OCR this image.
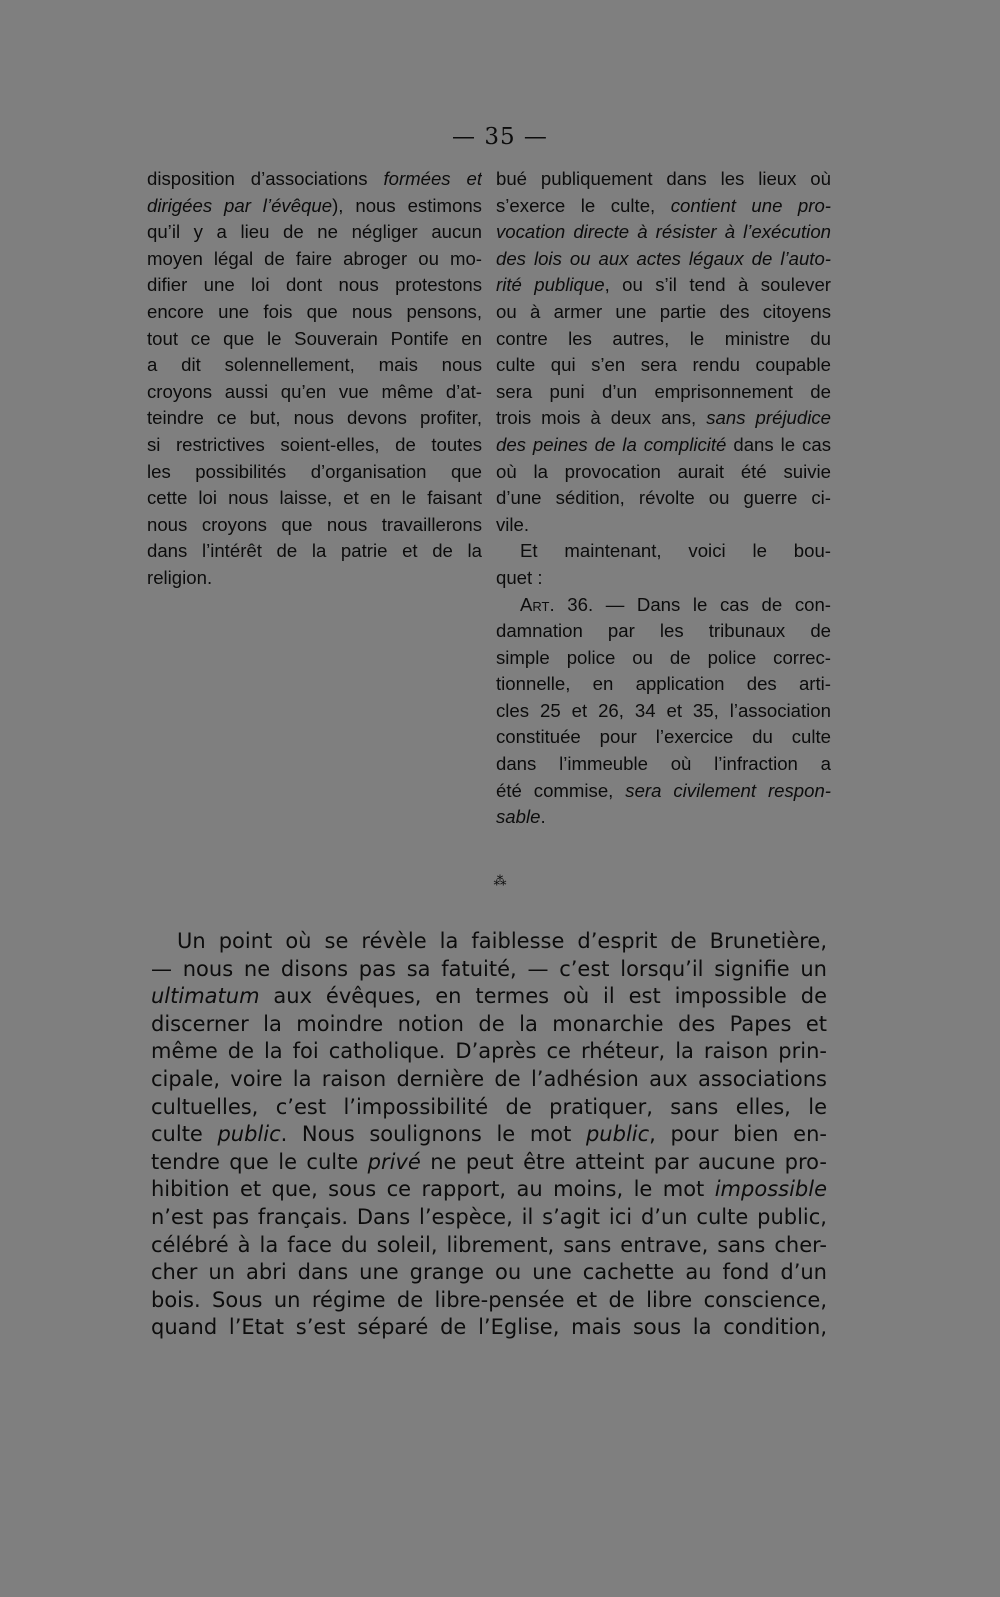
— 35 —
disposition d’associations formées et
dirigées par l’évêque), nous estimons
qu’il y a lieu de ne négliger aucun
moyen légal de faire abroger ou mo-
difier une loi dont nous protestons
encore une fois que nous pensons,
tout ce que le Souverain Pontife en
a dit solennellement, mais nous
croyons aussi qu’en vue même d’at-
teindre ce but, nous devons profiter,
si restrictives soient-elles, de toutes
les possibilités d’organisation que
cette loi nous laisse, et en le faisant
nous croyons que nous travaillerons
dans l’intérêt de la patrie et de la
religion.
bué publiquement dans les lieux où
s’exerce le culte, contient une pro-
vocation directe à résister à l’exécution
des lois ou aux actes légaux de l’auto-
rité publique, ou s’il tend à soulever
ou à armer une partie des citoyens
contre les autres, le ministre du
culte qui s’en sera rendu coupable
sera puni d’un emprisonnement de
trois mois à deux ans, sans préjudice
des peines de la complicité dans le cas
où la provocation aurait été suivie
d’une sédition, révolte ou guerre ci-
vile.
Et maintenant, voici le bou-
quet :
Art. 36. — Dans le cas de con-
damnation par les tribunaux de
simple police ou de police correc-
tionnelle, en application des arti-
cles 25 et 26, 34 et 35, l’association
constituée pour l’exercice du culte
dans l’immeuble où l’infraction a
été commise, sera civilement respon-
sable.
⁂
Un point où se révèle la faiblesse d’esprit de Brunetière,
— nous ne disons pas sa fatuité, — c’est lorsqu’il signifie un
ultimatum aux évêques, en termes où il est impossible de
discerner la moindre notion de la monarchie des Papes et
même de la foi catholique. D’après ce rhéteur, la raison prin-
cipale, voire la raison dernière de l’adhésion aux associations
cultuelles, c’est l’impossibilité de pratiquer, sans elles, le
culte public. Nous soulignons le mot public, pour bien en-
tendre que le culte privé ne peut être atteint par aucune pro-
hibition et que, sous ce rapport, au moins, le mot impossible
n’est pas français. Dans l’espèce, il s’agit ici d’un culte public,
célébré à la face du soleil, librement, sans entrave, sans cher-
cher un abri dans une grange ou une cachette au fond d’un
bois. Sous un régime de libre-pensée et de libre conscience,
quand l’Etat s’est séparé de l’Eglise, mais sous la condition,
